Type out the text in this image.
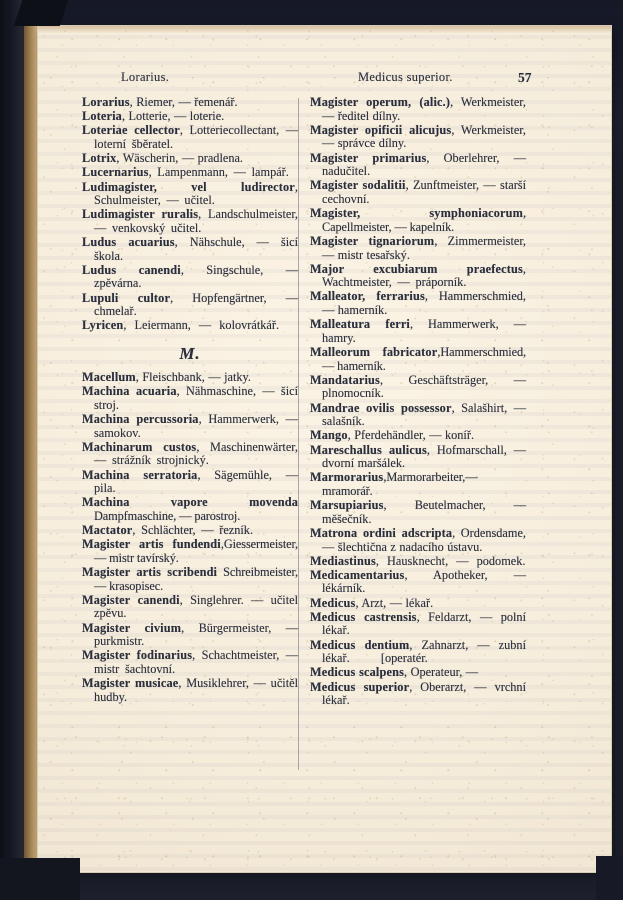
Lorarius.	Medicus superior.	57
Lorarius, Riemer, — řemenář.
Loteria, Lotterie, — loterie.
Loteriae cellector, Lotteriecollectant, — loterní šběratel.
Lotrix, Wäscherin, — pradlena.
Lucernarius, Lampenmann, — lampář.
Ludimagister, vel ludirector, Schulmeister, — učitel.
Ludimagister ruralis, Landschulmeister, — venkovský učitel.
Ludus acuarius, Nähschule, — šicí škola.
Ludus canendi, Singschule, — zpěvárna.
Lupuli cultor, Hopfengärtner, — chmelař.
Lyricen, Leiermann, — kolovrátkář.
M.
Macellum, Fleischbank, — jatky.
Machina acuaria, Nähmaschine, — šicí stroj.
Machina percussoria, Hammerwerk, — samokov.
Machinarum custos, Maschinenwärter, — strážník strojnický.
Machina serratoria, Sägemühle, — pila.
Machina vapore movenda Dampfmaschine, — parostroj.
Mactator, Schlächter, — řezník.
Magister artis fundendi,Giessermeister, — mistr tavírský.
Magister artis scribendi Schreibmeister, — krasopisec.
Magister canendi, Singlehrer. — učitel zpěvu.
Magister civium, Bürgermeister, — purkmistr.
Magister fodinarius, Schachtmeister, — mistr šachtovní.
Magister musicae, Musiklehrer, — učitěl hudby.
Magister operum, (alic.), Werkmeister, — ředitel dílny.
Magister opificii alicujus, Werkmeister, — správce dílny.
Magister primarius, Oberlehrer, — nadučitel.
Magister sodalitii, Zunftmeister, — starší cechovní.
Magister, symphoniacorum, Capellmeister, — kapelník.
Magister tignariorum, Zimmermeister, — mistr tesařský.
Major excubiarum praefectus, Wachtmeister, — práporník.
Malleator, ferrarius, Hammerschmied, — hamerník.
Malleatura ferri, Hammerwerk, — hamry.
Malleorum fabricator,Hammerschmied, — hamerník.
Mandatarius, Geschäftsträger, — plnomocník.
Mandrae ovilis possessor, Salašhirt, — salašník.
Mango, Pferdehändler, — koníř.
Mareschallus aulicus, Hofmarschall, — dvorní maršálek.
Marmorarius,Marmorarbeiter,— mramorář.
Marsupiarius, Beutelmacher, — měšečník.
Matrona ordini adscripta, Ordensdame, — šlechtična z nadacího ústavu.
Mediastinus, Hausknecht, — podomek.
Medicamentarius, Apotheker, — lékárník.
Medicus, Arzt, — lékař.
Medicus castrensis, Feldarzt, — polní lékař.
Medicus dentium, Zahnarzt, — zubní lékař.         [operatér.
Medicus scalpens, Operateur, —
Medicus superior, Oberarzt, — vrchní lékař.
